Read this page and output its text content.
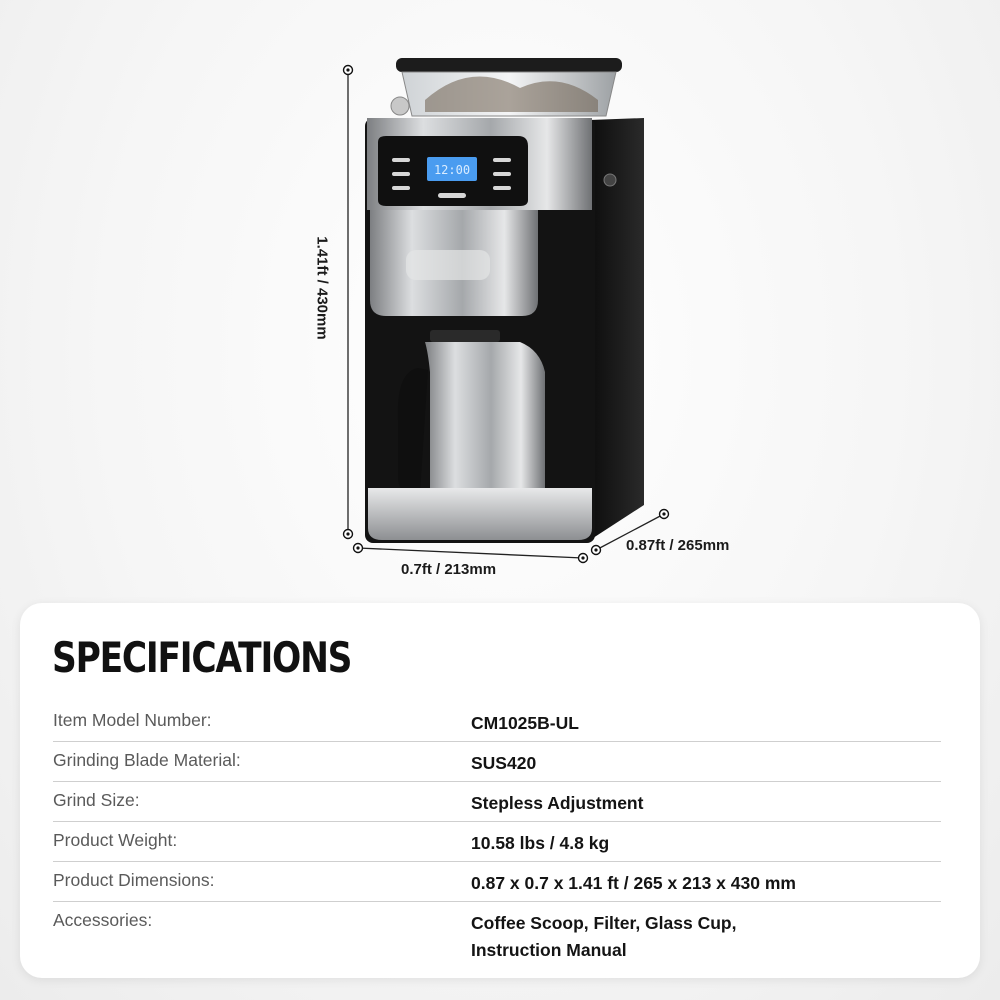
12:00
1.41ft / 430mm
0.7ft / 213mm
0.87ft / 265mm
SPECIFICATIONS
Item Model Number:	CM1025B-UL
Grinding Blade Material:	SUS420
Grind Size:	Stepless Adjustment
Product Weight:	10.58 lbs / 4.8 kg
Product Dimensions:	0.87 x 0.7 x 1.41 ft / 265 x 213 x 430 mm
Accessories:	Coffee Scoop, Filter, Glass Cup,
Instruction Manual
